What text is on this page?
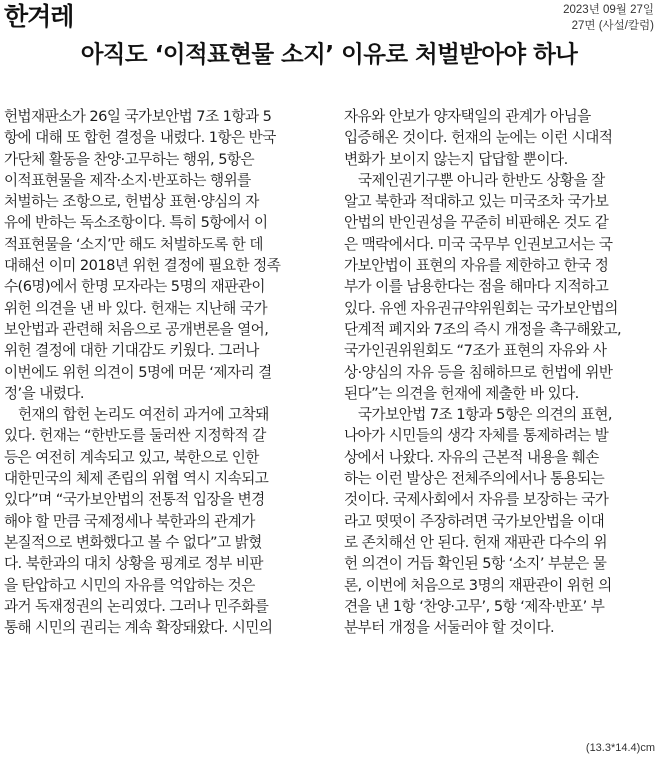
한겨레	2023년 09월 27일
27면 (사설/칼럼)
아직도 ‘이적표현물 소지’ 이유로 처벌받아야 하나
헌법재판소가 26일 국가보안법 7조 1항과 5
항에 대해 또 합헌 결정을 내렸다. 1항은 반국
가단체 활동을 찬양·고무하는 행위, 5항은
이적표현물을 제작·소지·반포하는 행위를
처벌하는 조항으로, 헌법상 표현·양심의 자
유에 반하는 독소조항이다. 특히 5항에서 이
적표현물을 ‘소지’만 해도 처벌하도록 한 데
대해선 이미 2018년 위헌 결정에 필요한 정족
수(6명)에서 한명 모자라는 5명의 재판관이
위헌 의견을 낸 바 있다. 헌재는 지난해 국가
보안법과 관련해 처음으로 공개변론을 열어,
위헌 결정에 대한 기대감도 키웠다. 그러나
이번에도 위헌 의견이 5명에 머문 ‘제자리 결
정’을 내렸다.
헌재의 합헌 논리도 여전히 과거에 고착돼
있다. 헌재는 “한반도를 둘러싼 지정학적 갈
등은 여전히 계속되고 있고, 북한으로 인한
대한민국의 체제 존립의 위협 역시 지속되고
있다”며 “국가보안법의 전통적 입장을 변경
해야 할 만큼 국제정세나 북한과의 관계가
본질적으로 변화했다고 볼 수 없다”고 밝혔
다. 북한과의 대치 상황을 핑계로 정부 비판
을 탄압하고 시민의 자유를 억압하는 것은
과거 독재정권의 논리였다. 그러나 민주화를
통해 시민의 권리는 계속 확장돼왔다. 시민의
자유와 안보가 양자택일의 관계가 아님을
입증해온 것이다. 헌재의 눈에는 이런 시대적
변화가 보이지 않는지 답답할 뿐이다.
국제인권기구뿐 아니라 한반도 상황을 잘
알고 북한과 적대하고 있는 미국조차 국가보
안법의 반인권성을 꾸준히 비판해온 것도 같
은 맥락에서다. 미국 국무부 인권보고서는 국
가보안법이 표현의 자유를 제한하고 한국 정
부가 이를 남용한다는 점을 해마다 지적하고
있다. 유엔 자유권규약위원회는 국가보안법의
단계적 폐지와 7조의 즉시 개정을 촉구해왔고,
국가인권위원회도 “7조가 표현의 자유와 사
상·양심의 자유 등을 침해하므로 헌법에 위반
된다”는 의견을 헌재에 제출한 바 있다.
국가보안법 7조 1항과 5항은 의견의 표현,
나아가 시민들의 생각 자체를 통제하려는 발
상에서 나왔다. 자유의 근본적 내용을 훼손
하는 이런 발상은 전체주의에서나 통용되는
것이다. 국제사회에서 자유를 보장하는 국가
라고 떳떳이 주장하려면 국가보안법을 이대
로 존치해선 안 된다. 헌재 재판관 다수의 위
헌 의견이 거듭 확인된 5항 ‘소지’ 부분은 물
론, 이번에 처음으로 3명의 재판관이 위헌 의
견을 낸 1항 ‘찬양·고무’, 5항 ‘제작·반포’ 부
분부터 개정을 서둘러야 할 것이다.
(13.3*14.4)cm
